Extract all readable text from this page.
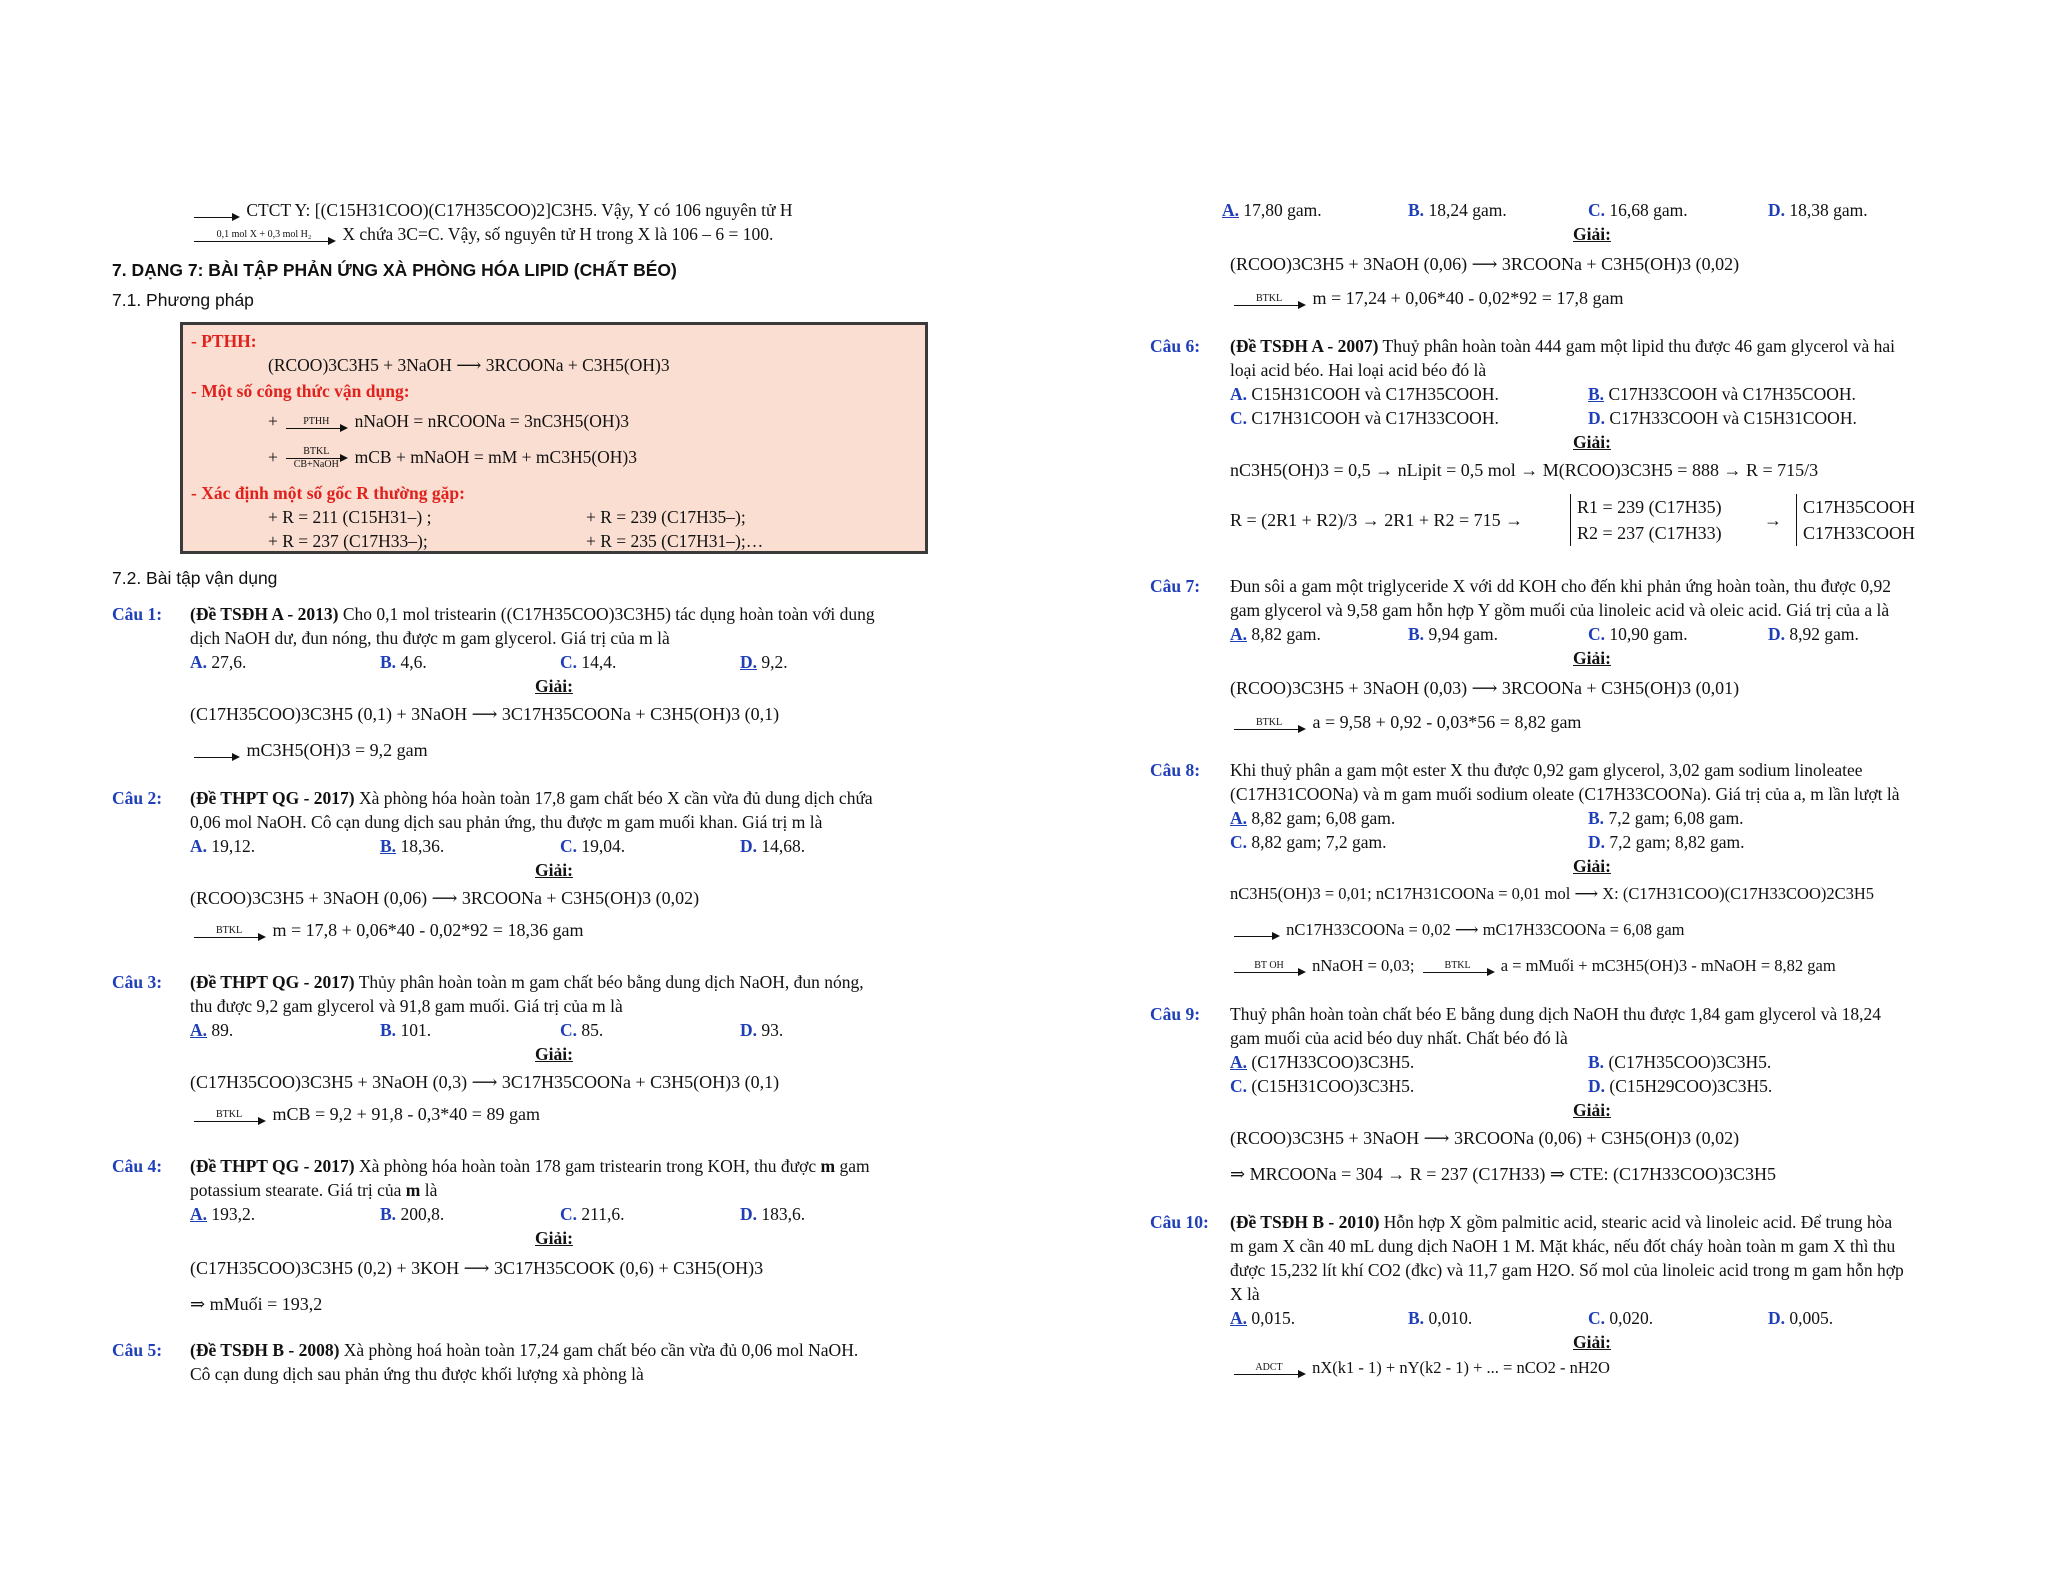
CTCT Y: [(C15H31COO)(C17H35COO)2]C3H5. Vậy, Y có 106 nguyên tử H
0,1 mol X + 0,3 mol H₂	X chứa 3C=C. Vậy, số nguyên tử H trong X là 106 – 6 = 100.
7. DẠNG 7: BÀI TẬP PHẢN ỨNG XÀ PHÒNG HÓA LIPID (CHẤT BÉO)
7.1. Phương pháp
- PTHH:
(RCOO)3C3H5 + 3NaOH ⟶ 3RCOONa + C3H5(OH)3
- Một số công thức vận dụng:
+	PTHH	nNaOH = nRCOONa = 3nC3H5(OH)3
+	BTKL
CB+NaOH mCB + mNaOH = mM + mC3H5(OH)3
- Xác định một số gốc R thường gặp:
+ R = 211 (C15H31–) ;	+ R = 239 (C17H35–);
+ R = 237 (C17H33–);	+ R = 235 (C17H31–);…
7.2. Bài tập vận dụng
Câu 1: (Đề TSĐH A - 2013) Cho 0,1 mol tristearin ((C17H35COO)3C3H5) tác dụng hoàn toàn với dung
dịch NaOH dư, đun nóng, thu được m gam glycerol. Giá trị của m là
A. 27,6.	B. 4,6.	C. 14,4.	D. 9,2.
Giải:
(C17H35COO)3C3H5 (0,1) + 3NaOH ⟶ 3C17H35COONa + C3H5(OH)3 (0,1)

mC3H5(OH)3 = 9,2 gam
Câu 2: (Đề THPT QG - 2017) Xà phòng hóa hoàn toàn 17,8 gam chất béo X cần vừa đủ dung dịch chứa
0,06 mol NaOH. Cô cạn dung dịch sau phản ứng, thu được m gam muối khan. Giá trị m là
A. 19,12.	B. 18,36.	C. 19,04.	D. 14,68.
Giải:
(RCOO)3C3H5 + 3NaOH (0,06) ⟶ 3RCOONa + C3H5(OH)3 (0,02)
BTKL	m = 17,8 + 0,06*40 - 0,02*92 = 18,36 gam
Câu 3: (Đề THPT QG - 2017) Thủy phân hoàn toàn m gam chất béo bằng dung dịch NaOH, đun nóng,
thu được 9,2 gam glycerol và 91,8 gam muối. Giá trị của m là
A. 89.	B. 101.	C. 85.	D. 93.
Giải:
(C17H35COO)3C3H5 + 3NaOH (0,3) ⟶ 3C17H35COONa + C3H5(OH)3 (0,1)
BTKL	mCB = 9,2 + 91,8 - 0,3*40 = 89 gam
Câu 4: (Đề THPT QG - 2017) Xà phòng hóa hoàn toàn 178 gam tristearin trong KOH, thu được m gam
potassium stearate. Giá trị của m là
A. 193,2.	B. 200,8.	C. 211,6.	D. 183,6.
Giải:
(C17H35COO)3C3H5 (0,2) + 3KOH ⟶ 3C17H35COOK (0,6) + C3H5(OH)3
⇒ mMuối = 193,2
Câu 5: (Đề TSĐH B - 2008) Xà phòng hoá hoàn toàn 17,24 gam chất béo cần vừa đủ 0,06 mol NaOH.
Cô cạn dung dịch sau phản ứng thu được khối lượng xà phòng là
A. 17,80 gam.	B. 18,24 gam.	C. 16,68 gam.	D. 18,38 gam.
Giải:
(RCOO)3C3H5 + 3NaOH (0,06) ⟶ 3RCOONa + C3H5(OH)3 (0,02)
BTKL	m = 17,24 + 0,06*40 - 0,02*92 = 17,8 gam
Câu 6: (Đề TSĐH A - 2007) Thuỷ phân hoàn toàn 444 gam một lipid thu được 46 gam glycerol và hai
loại acid béo. Hai loại acid béo đó là
A. C15H31COOH và C17H35COOH.	B. C17H33COOH và C17H35COOH.
C. C17H31COOH và C17H33COOH.	D. C17H33COOH và C15H31COOH.
Giải:
nC3H5(OH)3 = 0,5 → nLipit = 0,5 mol → M(RCOO)3C3H5 = 888 → R = 715/3
R = (2R1 + R2)/3 → 2R1 + R2 = 715 →
R1 = 239 (C17H35)
R2 = 237 (C17H33)
→
C17H35COOH
C17H33COOH
Câu 7: Đun sôi a gam một triglyceride X với dd KOH cho đến khi phản ứng hoàn toàn, thu được 0,92
gam glycerol và 9,58 gam hỗn hợp Y gồm muối của linoleic acid và oleic acid. Giá trị của a là
A. 8,82 gam.	B. 9,94 gam.	C. 10,90 gam.	D. 8,92 gam.
Giải:
(RCOO)3C3H5 + 3NaOH (0,03) ⟶ 3RCOONa + C3H5(OH)3 (0,01)
BTKL	a = 9,58 + 0,92 - 0,03*56 = 8,82 gam
Câu 8: Khi thuỷ phân a gam một ester X thu được 0,92 gam glycerol, 3,02 gam sodium linoleatee
(C17H31COONa) và m gam muối sodium oleate (C17H33COONa). Giá trị của a, m lần lượt là
A. 8,82 gam; 6,08 gam.	B. 7,2 gam; 6,08 gam.
C. 8,82 gam; 7,2 gam.	D. 7,2 gam; 8,82 gam.
Giải:
nC3H5(OH)3 = 0,01; nC17H31COONa = 0,01 mol ⟶ X: (C17H31COO)(C17H33COO)2C3H5

nC17H33COONa = 0,02 ⟶ mC17H33COONa = 6,08 gam
BT OH	nNaOH = 0,03;	BTKL	a = mMuối + mC3H5(OH)3 - mNaOH = 8,82 gam
Câu 9: Thuỷ phân hoàn toàn chất béo E bằng dung dịch NaOH thu được 1,84 gam glycerol và 18,24
gam muối của acid béo duy nhất. Chất béo đó là
A. (C17H33COO)3C3H5.	B. (C17H35COO)3C3H5.
C. (C15H31COO)3C3H5.	D. (C15H29COO)3C3H5.
Giải:
(RCOO)3C3H5 + 3NaOH ⟶ 3RCOONa (0,06) + C3H5(OH)3 (0,02)
⇒ MRCOONa = 304 → R = 237 (C17H33) ⇒ CTE: (C17H33COO)3C3H5
Câu 10: (Đề TSĐH B - 2010) Hỗn hợp X gồm palmitic acid, stearic acid và linoleic acid. Để trung hòa
m gam X cần 40 mL dung dịch NaOH 1 M. Mặt khác, nếu đốt cháy hoàn toàn m gam X thì thu
được 15,232 lít khí CO2 (đkc) và 11,7 gam H2O. Số mol của linoleic acid trong m gam hỗn hợp
X là
A. 0,015.	B. 0,010.	C. 0,020.	D. 0,005.
Giải:
ADCT	nX(k1 - 1) + nY(k2 - 1) + ... = nCO2 - nH2O
